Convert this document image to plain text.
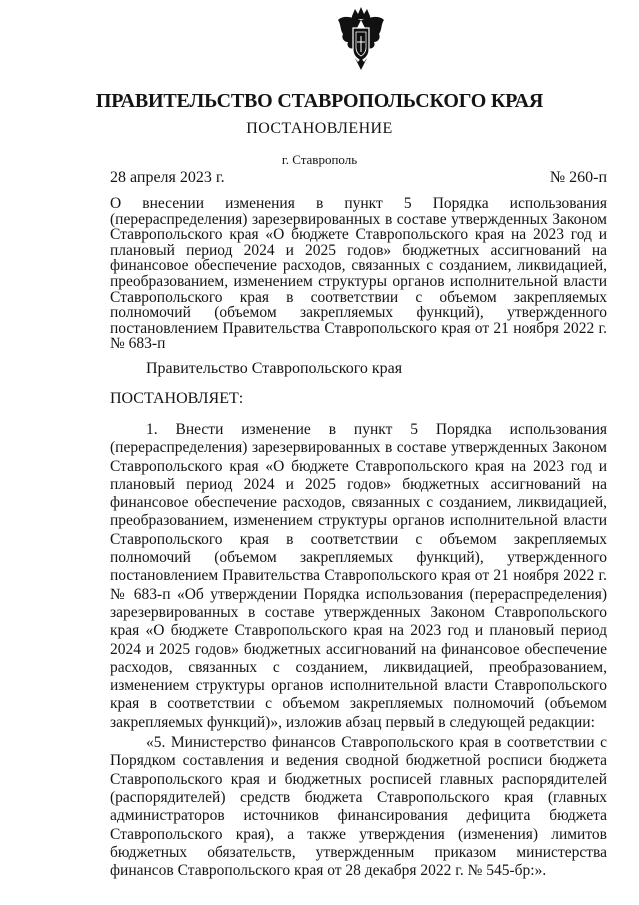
ПРАВИТЕЛЬСТВО СТАВРОПОЛЬСКОГО КРАЯ
ПОСТАНОВЛЕНИЕ
г. Ставрополь
28 апреля 2023 г.	№ 260-п
О внесении изменения в пункт 5 Порядка использования (перераспределения) зарезервированных в составе утвержденных Законом Ставропольского края «О бюджете Ставропольского края на 2023 год и плановый период 2024 и 2025 годов» бюджетных ассигнований на финансовое обеспечение расходов, связанных с созданием, ликвидацией, преобразованием, изменением структуры органов исполнительной власти Ставропольского края в соответствии с объемом закрепляемых полномочий (объемом закрепляемых функций), утвержденного постановлением Правительства Ставропольского края от 21 ноября 2022 г. № 683-п
Правительство Ставропольского края
ПОСТАНОВЛЯЕТ:

1. Внести изменение в пункт 5 Порядка использования (перераспределения) зарезервированных в составе утвержденных Законом Ставропольского края «О бюджете Ставропольского края на 2023 год и плановый период 2024 и 2025 годов» бюджетных ассигнований на финансовое обеспечение расходов, связанных с созданием, ликвидацией, преобразованием, изменением структуры органов исполнительной власти Ставропольского края в соответствии с объемом закрепляемых полномочий (объемом закрепляемых функций), утвержденного постановлением Правительства Ставропольского края от 21 ноября 2022 г. № 683-п «Об утверждении Порядка использования (перераспределения) зарезервированных в составе утвержденных Законом Ставропольского края «О бюджете Ставропольского края на 2023 год и плановый период 2024 и 2025 годов» бюджетных ассигнований на финансовое обеспечение расходов, связанных с созданием, ликвидацией, преобразованием, изменением структуры органов исполнительной власти Ставропольского края в соответствии с объемом закрепляемых полномочий (объемом закрепляемых функций)», изложив абзац первый в следующей редакции:

«5. Министерство финансов Ставропольского края в соответствии с Порядком составления и ведения сводной бюджетной росписи бюджета Ставропольского края и бюджетных росписей главных распорядителей (распорядителей) средств бюджета Ставропольского края (главных администраторов источников финансирования дефицита бюджета Ставропольского края), а также утверждения (изменения) лимитов бюджетных обязательств, утвержденным приказом министерства финансов Ставропольского края от 28 декабря 2022 г. № 545-бр:».
